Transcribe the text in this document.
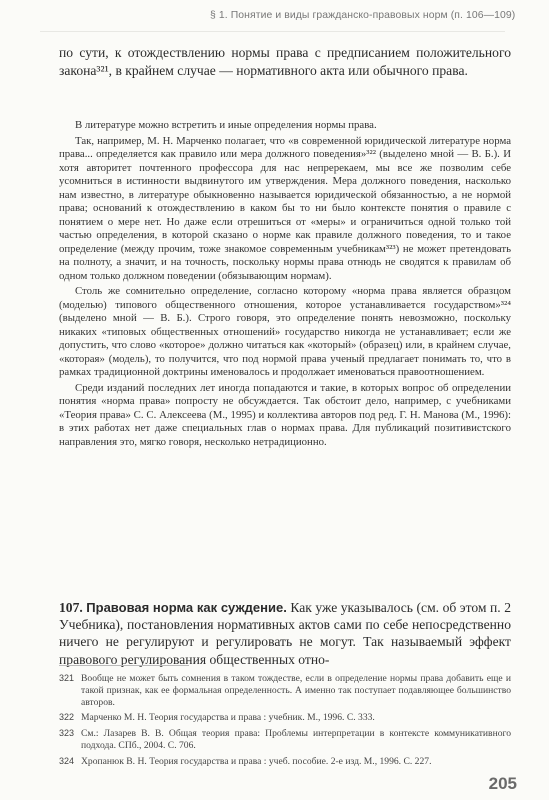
§ 1. Понятие и виды гражданско-правовых норм (п. 106—109)
по сути, к отождествлению нормы права с предписанием положительного закона³²¹, в крайнем случае — нормативного акта или обычного права.

В литературе можно встретить и иные определения нормы права.

Так, например, М. Н. Марченко полагает, что «в современной юридической литературе норма права... определяется как правило или мера должного поведения»³²² (выделено мной — В. Б.). И хотя авторитет почтенного профессора для нас непререкаем, мы все же позволим себе усомниться в истинности выдвинутого им утверждения. Мера должного поведения, насколько нам известно, в литературе обыкновенно называется юридической обязанностью, а не нормой права; оснований к отождествлению в каком бы то ни было контексте понятия о правиле с понятием о мере нет. Но даже если отрешиться от «меры» и ограничиться одной только той частью определения, в которой сказано о норме как правиле должного поведения, то и такое определение (между прочим, тоже знакомое современным учебникам³²³) не может претендовать на полноту, а значит, и на точность, поскольку нормы права отнюдь не сводятся к правилам об одном только должном поведении (обязывающим нормам).

Столь же сомнительно определение, согласно которому «норма права является образцом (моделью) типового общественного отношения, которое устанавливается государством»³²⁴ (выделено мной — В. Б.). Строго говоря, это определение понять невозможно, поскольку никаких «типовых общественных отношений» государство никогда не устанавливает; если же допустить, что слово «которое» должно читаться как «который» (образец) или, в крайнем случае, «которая» (модель), то получится, что под нормой права ученый предлагает понимать то, что в рамках традиционной доктрины именовалось и продолжает именоваться правоотношением.

Среди изданий последних лет иногда попадаются и такие, в которых вопрос об определении понятия «норма права» попросту не обсуждается. Так обстоит дело, например, с учебниками «Теория права» С. С. Алексеева (М., 1995) и коллектива авторов под ред. Г. Н. Манова (М., 1996): в этих работах нет даже специальных глав о нормах права. Для публикаций позитивистского направления это, мягко говоря, несколько нетрадиционно.

107. Правовая норма как суждение. Как уже указывалось (см. об этом п. 2 Учебника), постановления нормативных актов сами по себе непосредственно ничего не регулируют и регулировать не могут. Так называемый эффект правового регулирования общественных отно-
321 Вообще не может быть сомнения в таком тождестве, если в определение нормы права добавить еще и такой признак, как ее формальная определенность. А именно так поступает подавляющее большинство авторов.
322 Марченко М. Н. Теория государства и права : учебник. М., 1996. С. 333.
323 См.: Лазарев В. В. Общая теория права: Проблемы интерпретации в контексте коммуникативного подхода. СПб., 2004. С. 706.
324 Хропанюк В. Н. Теория государства и права : учеб. пособие. 2-е изд. М., 1996. С. 227.
205
